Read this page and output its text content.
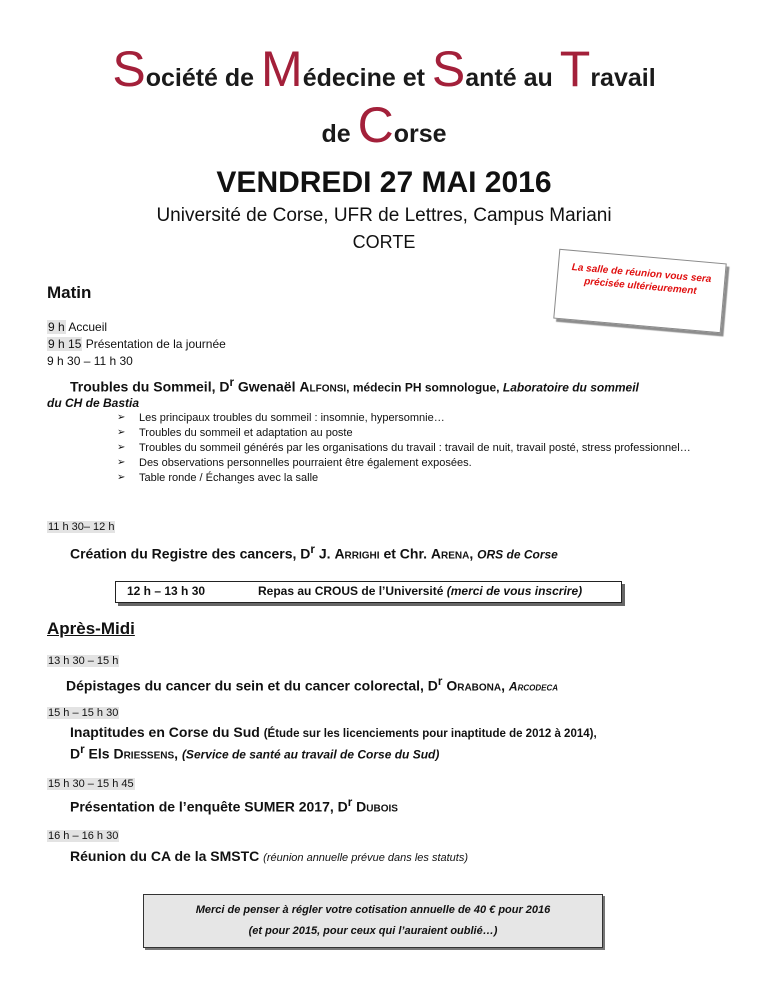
Société de Médecine et Santé au Travail
de Corse
VENDREDI 27 MAI 2016
Université de Corse, UFR de Lettres, Campus Mariani
CORTE
La salle de réunion vous sera précisée ultérieurement
Matin
9 h Accueil
9 h 15 Présentation de la journée
9 h 30 – 11 h 30
Troubles du Sommeil, $D^r$ Gwenaël Alfonsi, médecin PH somnologue, Laboratoire du sommeil
du CH de Bastia
➢ Les principaux troubles du sommeil : insomnie, hypersomnie…
➢ Troubles du sommeil et adaptation au poste
➢ Troubles du sommeil générés par les organisations du travail : travail de nuit, travail posté, stress professionnel…
➢ Des observations personnelles pourraient être également exposées.
➢ Table ronde / Échanges avec la salle
11 h 30– 12 h
Création du Registre des cancers, $D^r$ J. Arrighi et Chr. Arena, ORS de Corse
12 h – 13 h 30	Repas au CROUS de l’Université (merci de vous inscrire)
Après-Midi
13 h 30 – 15 h
Dépistages du cancer du sein et du cancer colorectal, $D^r$ Orabona, Arcodeca
15 h – 15 h 30
Inaptitudes en Corse du Sud (Étude sur les licenciements pour inaptitude de 2012 à 2014),
$D^r$ Els Driessens, (Service de santé au travail de Corse du Sud)
15 h 30 – 15 h 45
Présentation de l’enquête SUMER 2017, $D^r$ Dubois
16 h – 16 h 30
Réunion du CA de la SMSTC (réunion annuelle prévue dans les statuts)
Merci de penser à régler votre cotisation annuelle de 40 € pour 2016
(et pour 2015, pour ceux qui l’auraient oublié…)
